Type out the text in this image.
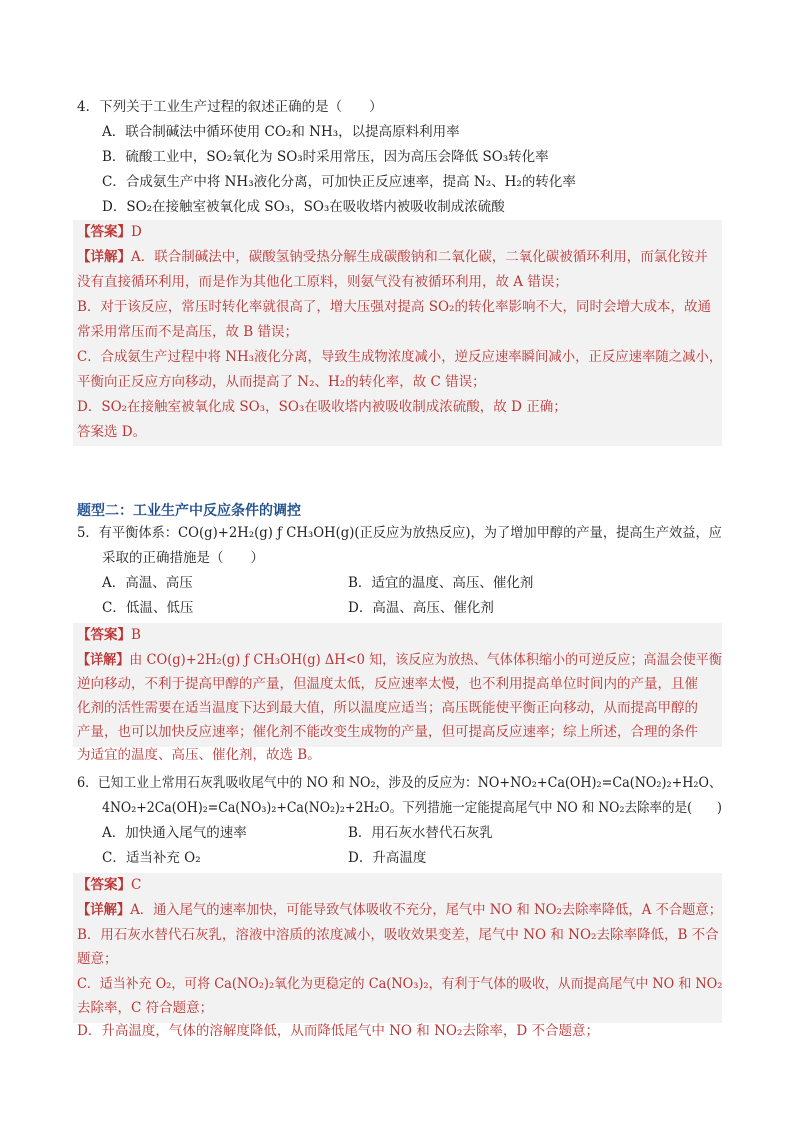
4．下列关于工业生产过程的叙述正确的是（　　）
A．联合制碱法中循环使用 CO₂和 NH₃，以提高原料利用率
B．硫酸工业中，SO₂氧化为 SO₃时采用常压，因为高压会降低 SO₃转化率
C．合成氨生产中将 NH₃液化分离，可加快正反应速率，提高 N₂、H₂的转化率
D．SO₂在接触室被氧化成 SO₃，SO₃在吸收塔内被吸收制成浓硫酸
【答案】D
【详解】A．联合制碱法中，碳酸氢钠受热分解生成碳酸钠和二氧化碳，二氧化碳被循环利用，而氯化铵并
没有直接循环利用，而是作为其他化工原料，则氨气没有被循环利用，故 A 错误；
B．对于该反应，常压时转化率就很高了，增大压强对提高 SO₂的转化率影响不大，同时会增大成本，故通
常采用常压而不是高压，故 B 错误；
C．合成氨生产过程中将 NH₃液化分离，导致生成物浓度减小，逆反应速率瞬间减小，正反应速率随之减小，
平衡向正反应方向移动，从而提高了 N₂、H₂的转化率，故 C 错误；
D．SO₂在接触室被氧化成 SO₃，SO₃在吸收塔内被吸收制成浓硫酸，故 D 正确；
答案选 D。
题型二：工业生产中反应条件的调控
5．有平衡体系：CO(g)+2H₂(g) ƒ CH₃OH(g)(正反应为放热反应)，为了增加甲醇的产量，提高生产效益，应
采取的正确措施是（　　）
A．高温、高压	B．适宜的温度、高压、催化剂
C．低温、低压	D．高温、高压、催化剂
【答案】B
【详解】由 CO(g)+2H₂(g) ƒ CH₃OH(g) ΔH<0 知，该反应为放热、气体体积缩小的可逆反应；高温会使平衡
逆向移动，不利于提高甲醇的产量，但温度太低，反应速率太慢，也不利用提高单位时间内的产量，且催
化剂的活性需要在适当温度下达到最大值，所以温度应适当；高压既能使平衡正向移动，从而提高甲醇的
产量，也可以加快反应速率；催化剂不能改变生成物的产量，但可提高反应速率；综上所述，合理的条件
为适宜的温度、高压、催化剂，故选 B。
6．已知工业上常用石灰乳吸收尾气中的 NO 和 NO₂，涉及的反应为：NO+NO₂+Ca(OH)₂=Ca(NO₂)₂+H₂O、
4NO₂+2Ca(OH)₂=Ca(NO₃)₂+Ca(NO₂)₂+2H₂O。下列措施一定能提高尾气中 NO 和 NO₂去除率的是(　　)
A．加快通入尾气的速率	B．用石灰水替代石灰乳
C．适当补充 O₂	D．升高温度
【答案】C
【详解】A．通入尾气的速率加快，可能导致气体吸收不充分，尾气中 NO 和 NO₂去除率降低，A 不合题意；
B．用石灰水替代石灰乳，溶液中溶质的浓度减小，吸收效果变差，尾气中 NO 和 NO₂去除率降低，B 不合
题意；
C．适当补充 O₂，可将 Ca(NO₂)₂氧化为更稳定的 Ca(NO₃)₂，有利于气体的吸收，从而提高尾气中 NO 和 NO₂
去除率，C 符合题意；
D．升高温度，气体的溶解度降低，从而降低尾气中 NO 和 NO₂去除率，D 不合题意；
